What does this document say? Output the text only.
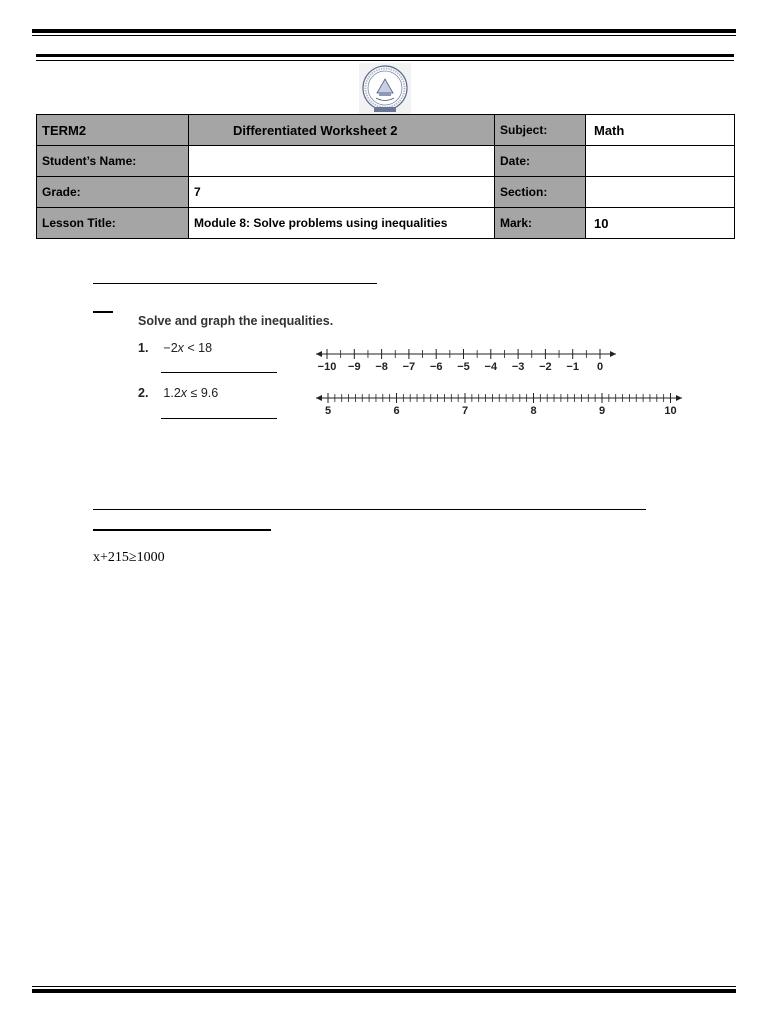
TERM2	Differentiated Worksheet 2	Subject:	Math
Student’s Name:		Date:	
Grade:	7	Section:	
Lesson Title:	Module 8: Solve problems using inequalities	Mark:	10
Solve and graph the inequalities.
1. −2x < 18
2. 1.2x ≤ 9.6
−10 −9 −8 −7 −6 −5 −4 −3 −2 −1 0
5	6	7	8	9	10
x+215≥1000
